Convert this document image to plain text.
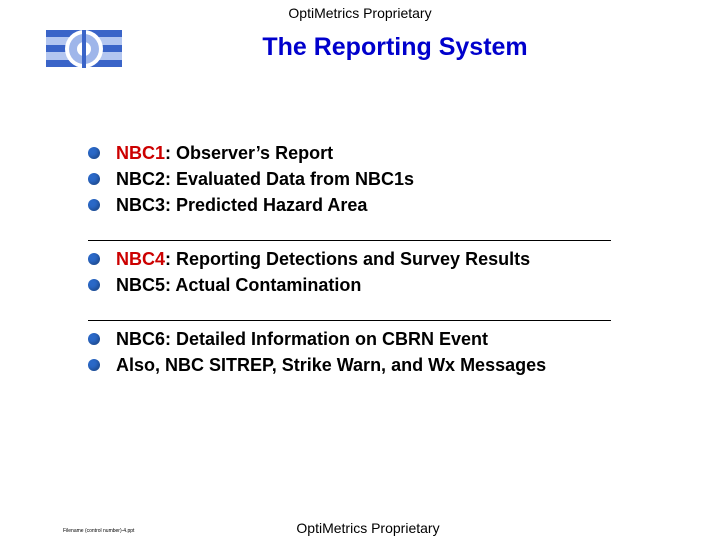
OptiMetrics Proprietary
The Reporting System
NBC1: Observer’s Report
NBC2: Evaluated Data from NBC1s
NBC3: Predicted Hazard Area
NBC4: Reporting Detections and Survey Results
NBC5: Actual Contamination
NBC6: Detailed Information on CBRN Event
Also, NBC SITREP, Strike Warn, and Wx Messages
Filename (control number)-4.ppt	OptiMetrics Proprietary
